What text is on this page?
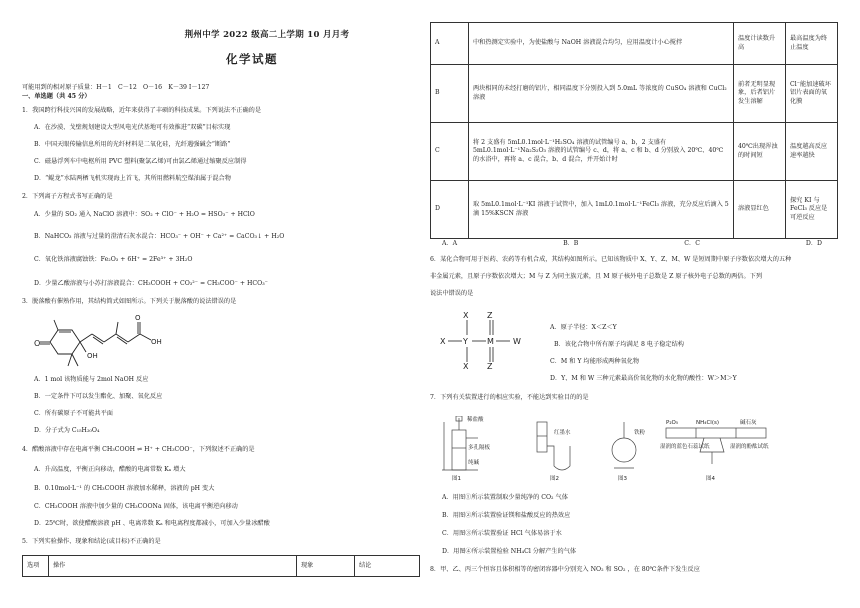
荆州中学 2022 级高二上学期 10 月月考
化学试题
可能用到的相对原子质量：H－1　C－12　O－16　K－39 I－127
一、单选题（共 45 分）
1．我国跨行科技兴国的发展战略，近年来获得了丰硕的科技成果。下列说法不正确的是
A．在沙漠、戈壁规划建设大型风电光伏基地可有效推进“双碳”目标实现
B．中国天眼传输信息所用的光纤材料是二氧化硅，光纤遇强碱会“断路”
C．磁悬浮列车中电枢所用 PVC 塑料(聚氯乙烯)可由氯乙烯通过缩聚反应制得
D．“鲲龙”水陆两栖飞机实现海上首飞，其所用燃料航空煤油属于混合物
2．下列离子方程式书写正确的是
A．少量的 SO₂ 通入 NaClO 溶液中：SO₂ + ClO⁻ + H₂O = HSO₃⁻ + HClO
B．NaHCO₃ 溶液与过量的澄清石灰水混合：HCO₃⁻ + OH⁻ + Ca²⁺ = CaCO₃↓ + H₂O
C．氧化铁溶液腐蚀铁：Fe₂O₃ + 6H⁺ = 2Fe³⁺ + 3H₂O
D．少量乙酸溶液与小苏打溶液混合：CH₃COOH + CO₃²⁻ = CH₃COO⁻ + HCO₃⁻
3．脱落酸有催熟作用，其结构简式如图所示。下列关于脱落酸的说法错误的是
O
OH
O
OH
A．1 mol 该物质能与 2mol NaOH 反应
B．一定条件下可以发生酯化、加聚、氧化反应
C．所有碳原子不可能共平面
D．分子式为 C₁₅H₂₀O₄
4．醋酸溶液中存在电离平衡 CH₃COOH ⇌ H⁺ + CH₃COO⁻，下列叙述不正确的是
A．升高温度，平衡正向移动，醋酸的电离常数 Kₐ 增大
B．0.10mol·L⁻¹ 的 CH₃COOH 溶液加水稀释，溶液的 pH 变大
C．CH₃COOH 溶液中加少量的 CH₃COONa 固体，该电离平衡逆向移动
D．25℃时，欲使醋酸溶液 pH 、电离常数 Kₐ 和电离程度都减小，可加入少量冰醋酸
5．下列实验操作、现象和结论(或目标)不正确的是
选项	操作	现象	结论
A	中和热测定实验中，为使盐酸与 NaOH 溶液混合均匀，应用温度计小心搅拌	温度计读数升高	最高温度为终止温度
B	两块相同的未经打磨的铝片，相同温度下分别投入到 5.0mL 等浓度的 CuSO₄ 溶液和 CuCl₂ 溶液	前者无明显现象，后者铝片发生溶解	Cl⁻能加速破坏铝片表面的氧化膜
C	将 2 支盛有 5mL0.1mol·L⁻¹H₂SO₄ 溶液的试管编号 a、b，2 支盛有 5mL0.1mol·L⁻¹Na₂S₂O₃ 溶液的试管编号 c、d，将 a、c 和 b、d 分别放入 20℃、40℃的水浴中，再将 a、c 混合，b、d 混合，并开始计时	40℃出现浑浊的时间短	温度越高反应速率越快
D	取 5mL0.1mol·L⁻¹KI 溶液于试管中，加入 1mL0.1mol·L⁻¹FeCl₃ 溶液，充分反应后滴入 5 滴 15%KSCN 溶液	溶液显红色	探究 KI 与 FeCl₃ 反应是可逆反应
A．A	B．B	C．C	D．D
6．某化合物可用于医药、农药等有机合成，其结构如图所示。已知该物质中 X、Y、Z、M、W 是短周期中原子序数依次增大的五种
非金属元素，且原子序数依次增大；M 与 Z 为同主族元素，且 M 原子核外电子总数是 Z 原子核外电子总数的两倍。下列
说法中错误的是
X
X
Y
X
Z
M
Z
W
A．原子半径：X＜Z＜Y
B．该化合物中所有原子均满足 8 电子稳定结构
C．M 和 Y 均能形成两种氧化物
D．Y、M 和 W 三种元素最高价氧化物的水化物的酸性：W＞M＞Y
7．下列有关装置进行的相应实验，不能达到实验目的的是
稀盐酸
多孔隔板
纯碱
图1
红墨水
图2
铁粉
图3
P₂O₅	NH₄Cl(s)	碱石灰
湿润的蓝色石蕊试纸	湿润的酚酞试纸
图4
A．用图①所示装置制取少量纯净的 CO₂ 气体
B．用图②所示装置验证镁和盐酸反应的热效应
C．用图③所示装置验证 HCl 气体易溶于水
D．用图④所示装置检验 NH₄Cl 分解产生的气体
8．甲、乙、丙三个恒容且体积相等的密闭容器中分别充入 NO₂ 和 SO₂ ，在 80℃条件下发生反应
